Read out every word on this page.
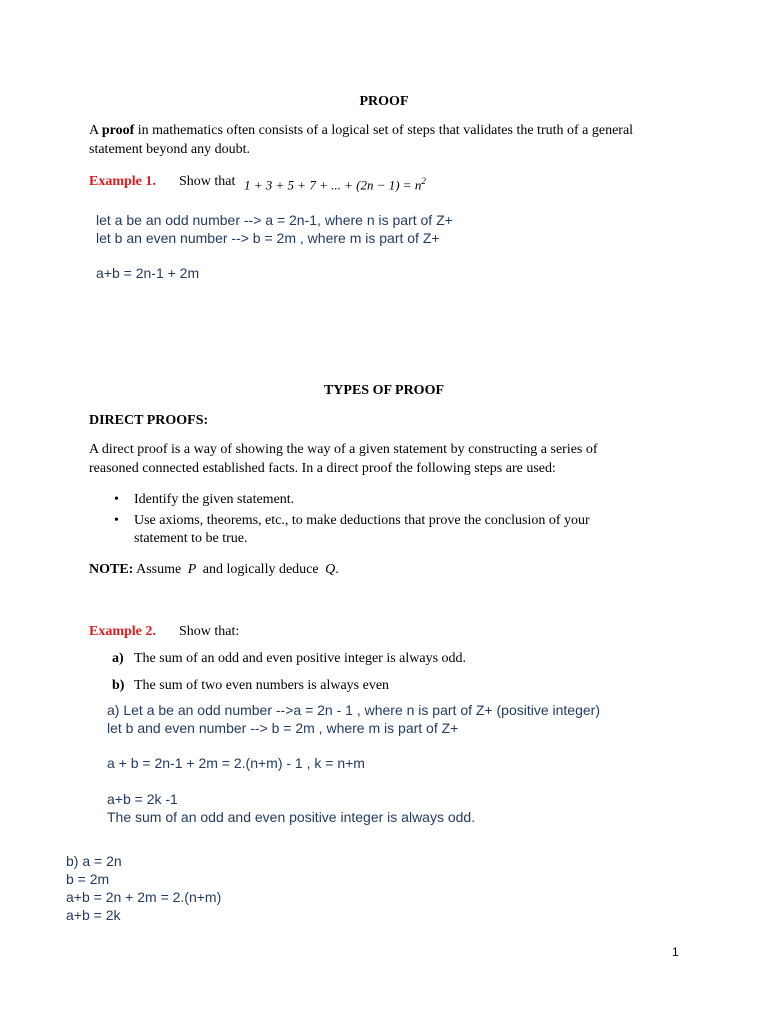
PROOF
A proof in mathematics often consists of a logical set of steps that validates the truth of a general
statement beyond any doubt.
Example 1. Show that 1 + 3 + 5 + 7 + ... + $(2n - 1) = n^2$
let a be an odd number --> a = 2n-1, where n is part of Z+
let b an even number --> b = 2m , where m is part of Z+
a+b = 2n-1 + 2m
TYPES OF PROOF
DIRECT PROOFS:
A direct proof is a way of showing the way of a given statement by constructing a series of
reasoned connected established facts. In a direct proof the following steps are used:
• Identify the given statement.
• Use axioms, theorems, etc., to make deductions that prove the conclusion of your
statement to be true.
NOTE: Assume P and logically deduce Q.
Example 2. Show that:
a) The sum of an odd and even positive integer is always odd.
b) The sum of two even numbers is always even
a) Let a be an odd number -->a = 2n - 1 , where n is part of Z+ (positive integer)
let b and even number --> b = 2m , where m is part of Z+
a + b = 2n-1 + 2m = 2.(n+m) - 1 , k = n+m
a+b = 2k -1
The sum of an odd and even positive integer is always odd.
b) a = 2n
b = 2m
a+b = 2n + 2m = 2.(n+m)
a+b = 2k
1
